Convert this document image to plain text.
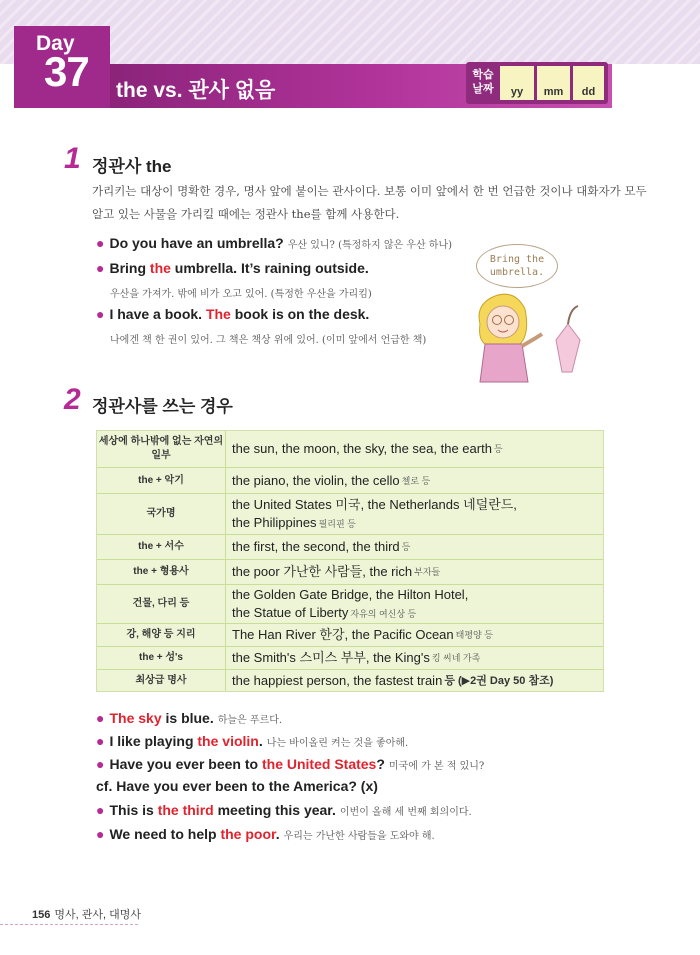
Day
37 the vs. 관사 없음
학습
날짜	yy	mm	dd
1 정관사 the
가리키는 대상이 명확한 경우, 명사 앞에 붙이는 관사이다. 보통 이미 앞에서 한 번 언급한 것이나 대화자가 모두 알고 있는 사물을 가리킬 때에는 정관사 the를 함께 사용한다.
● Do you have an umbrella? 우산 있니? (특정하지 않은 우산 하나)
● Bring the umbrella. It’s raining outside.
우산을 가져가. 밖에 비가 오고 있어. (특정한 우산을 가리킴)
● I have a book. The book is on the desk.
나에겐 책 한 권이 있어. 그 책은 책상 위에 있어. (이미 앞에서 언급한 책)
Bring the umbrella.
2 정관사를 쓰는 경우
세상에 하나밖에 없는 자연의 일부	the sun, the moon, the sky, the sea, the earth 등
the + 악기	the piano, the violin, the cello 첼로 등
국가명
the United States 미국, the Netherlands 네덜란드,
the Philippines 필리핀 등
the + 서수	the first, the second, the third 등
the + 형용사	the poor 가난한 사람들, the rich 부자들
건물, 다리 등
the Golden Gate Bridge, the Hilton Hotel,
the Statue of Liberty 자유의 여신상 등
강, 해양 등 지리	The Han River 한강, the Pacific Ocean 태평양 등
the + 성's	the Smith's 스미스 부부, the King's 킹 씨네 가족
최상급 명사	the happiest person, the fastest train 등 (▶2권 Day 50 참조)
● The sky is blue. 하늘은 푸르다.
● I like playing the violin. 나는 바이올린 켜는 것을 좋아해.
● Have you ever been to the United States? 미국에 가 본 적 있니?
cf. Have you ever been to the America? (x)
● This is the third meeting this year. 이번이 올해 세 번째 회의이다.
● We need to help the poor. 우리는 가난한 사람들을 도와야 해.
156 명사, 관사, 대명사
